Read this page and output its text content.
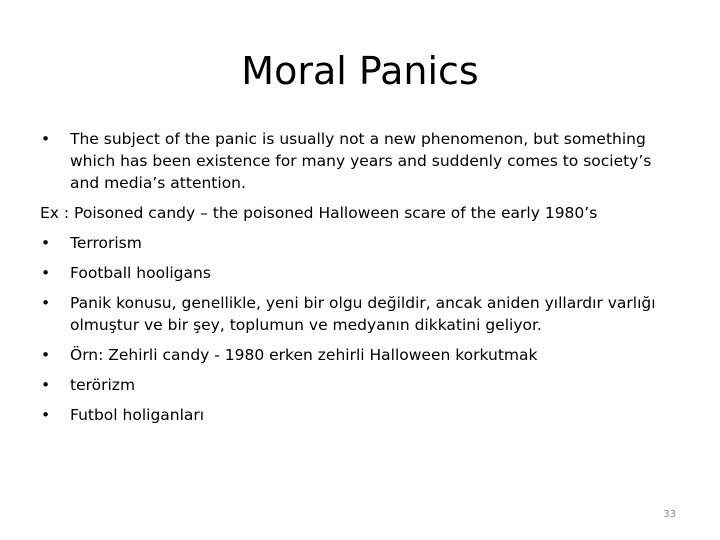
Moral Panics
•	The subject of the panic is usually not a new phenomenon, but something which has been existence for many years and suddenly comes to society’s and media’s attention.
Ex : Poisoned candy – the poisoned Halloween scare of the early 1980’s
•	Terrorism
•	Football hooligans
•	Panik konusu, genellikle, yeni bir olgu değildir, ancak aniden yıllardır varlığı olmuştur ve bir şey, toplumun ve medyanın dikkatini geliyor.
•	Örn: Zehirli candy - 1980 erken zehirli Halloween korkutmak
•	terörizm
•	Futbol holiganları
33
